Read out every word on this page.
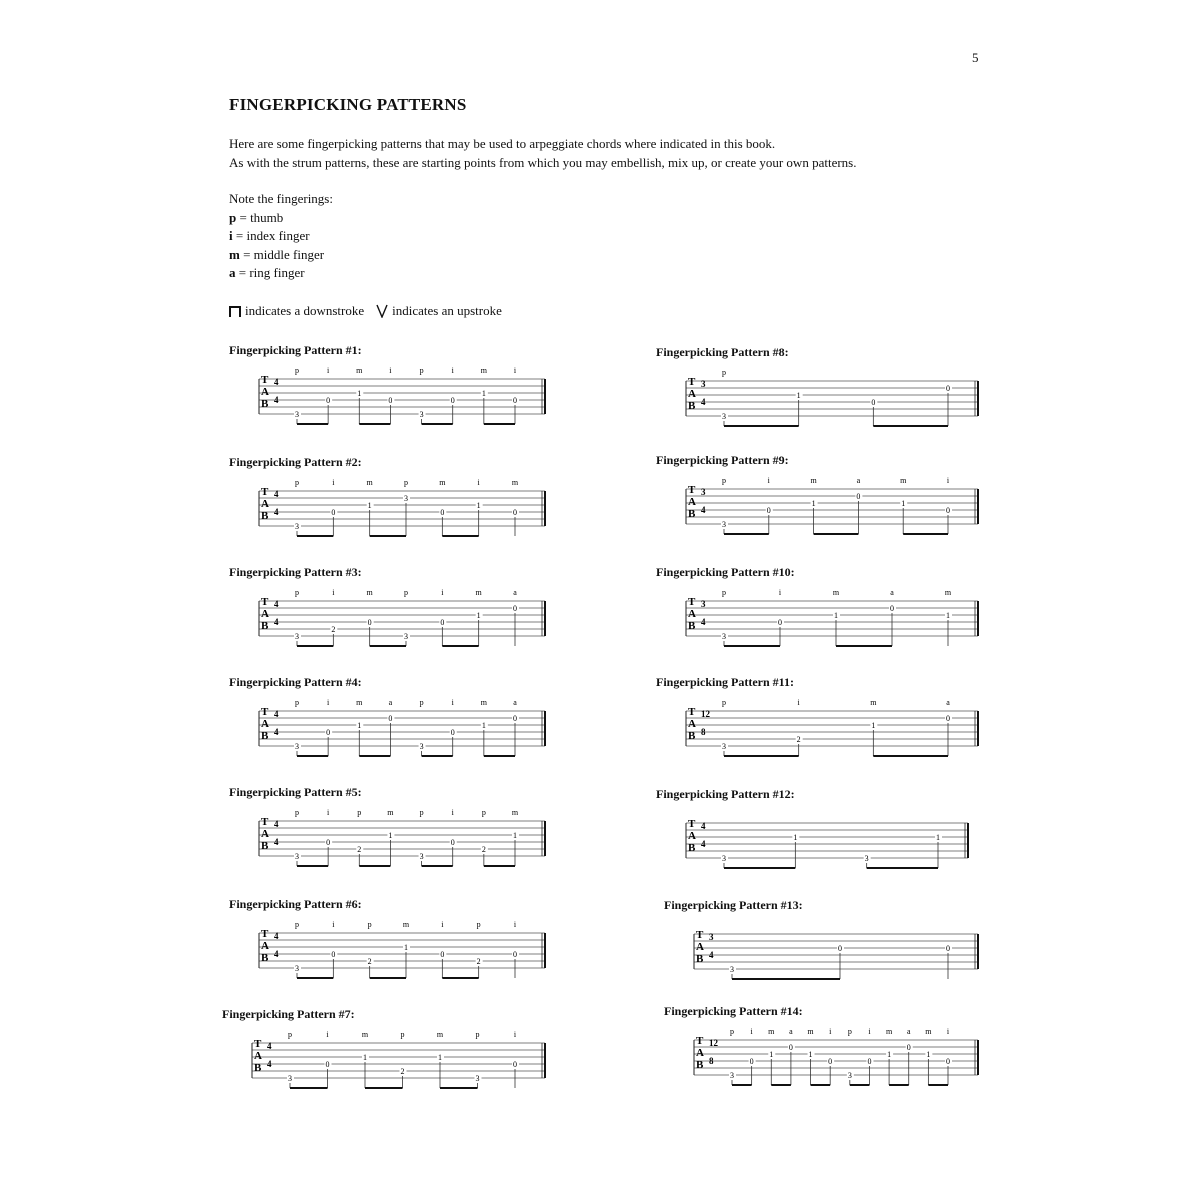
5
FINGERPICKING PATTERNS
Here are some fingerpicking patterns that may be used to arpeggiate chords where indicated in this book.
As with the strum patterns, these are starting points from which you may embellish, mix up, or create your own patterns.
Note the fingerings:
p = thumb
i = index finger
m = middle finger
a = ring finger
indicates a downstroke indicates an upstroke
Fingerpicking Pattern #1:
T
A
B
4
4
3
p
0
i
1
m
0
i
3
p
0
i
1
m
0
i
Fingerpicking Pattern #2:
T
A
B
4
4
3
p
0
i
1
m
3
p
0
m
1
i
0
m
Fingerpicking Pattern #3:
T
A
B
4
4
3
p
2
i
0
m
3
p
0
i
1
m
0
a
Fingerpicking Pattern #4:
T
A
B
4
4
3
p
0
i
1
m
0
a
3
p
0
i
1
m
0
a
Fingerpicking Pattern #5:
T
A
B
4
4
3
p
0
i
2
p
1
m
3
p
0
i
2
p
1
m
Fingerpicking Pattern #6:
T
A
B
4
4
3
p
0
i
2
p
1
m
0
i
2
p
0
i
Fingerpicking Pattern #7:
T
A
B
4
4
3
p
0
i
1
m
2
p
1
m
3
p
0
i
Fingerpicking Pattern #8:
T
A
B
3
4
3
p
1
0
0
Fingerpicking Pattern #9:
T
A
B
3
4
3
p
0
i
1
m
0
a
1
m
0
i
Fingerpicking Pattern #10:
T
A
B
3
4
3
p
0
i
1
m
0
a
1
m
Fingerpicking Pattern #11:
T
A
B
12
8
3
p
2
i
1
m
0
a
Fingerpicking Pattern #12:
T
A
B
4
4
3
1
3
1
Fingerpicking Pattern #13:
T
A
B
3
4
3
0	0
Fingerpicking Pattern #14:
T
A
B
12
8
3
p
0
i
1
m
0
a
1
m
0
i
3
p
0
i
1
m
0
a
1
m
0
i
